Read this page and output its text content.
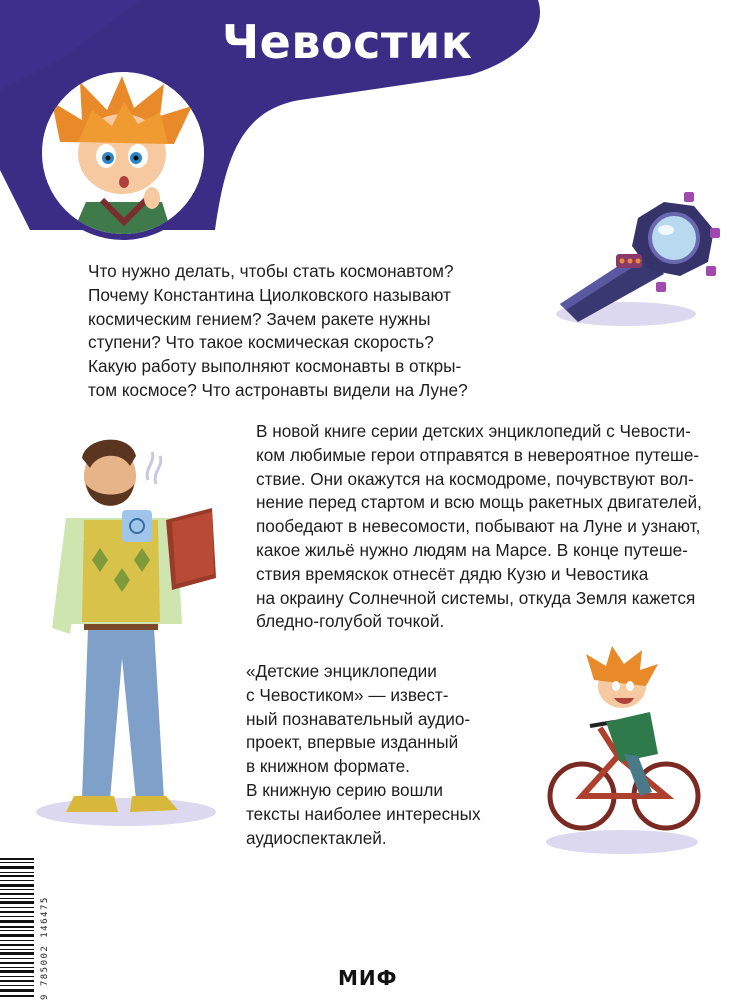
Чевостик
Что нужно делать, чтобы стать космонавтом?
Почему Константина Циолковского называют
космическим гением? Зачем ракете нужны
ступени? Что такое космическая скорость?
Какую работу выполняют космонавты в откры-
том космосе? Что астронавты видели на Луне?
В новой книге серии детских энциклопедий с Чевости-
ком любимые герои отправятся в невероятное путеше-
ствие. Они окажутся на космодроме, почувствуют вол-
нение перед стартом и всю мощь ракетных двигателей,
пообедают в невесомости, побывают на Луне и узнают,
какое жильё нужно людям на Марсе. В конце путеше-
ствия времяскок отнесёт дядю Кузю и Чевостика
на окраину Солнечной системы, откуда Земля кажется
бледно-голубой точкой.
«Детские энциклопедии
с Чевостиком» — извест-
ный познавательный аудио-
проект, впервые изданный
в книжном формате.
В книжную серию вошли
тексты наиболее интересных
аудиоспектаклей.
9 785002 146475	МИФ
